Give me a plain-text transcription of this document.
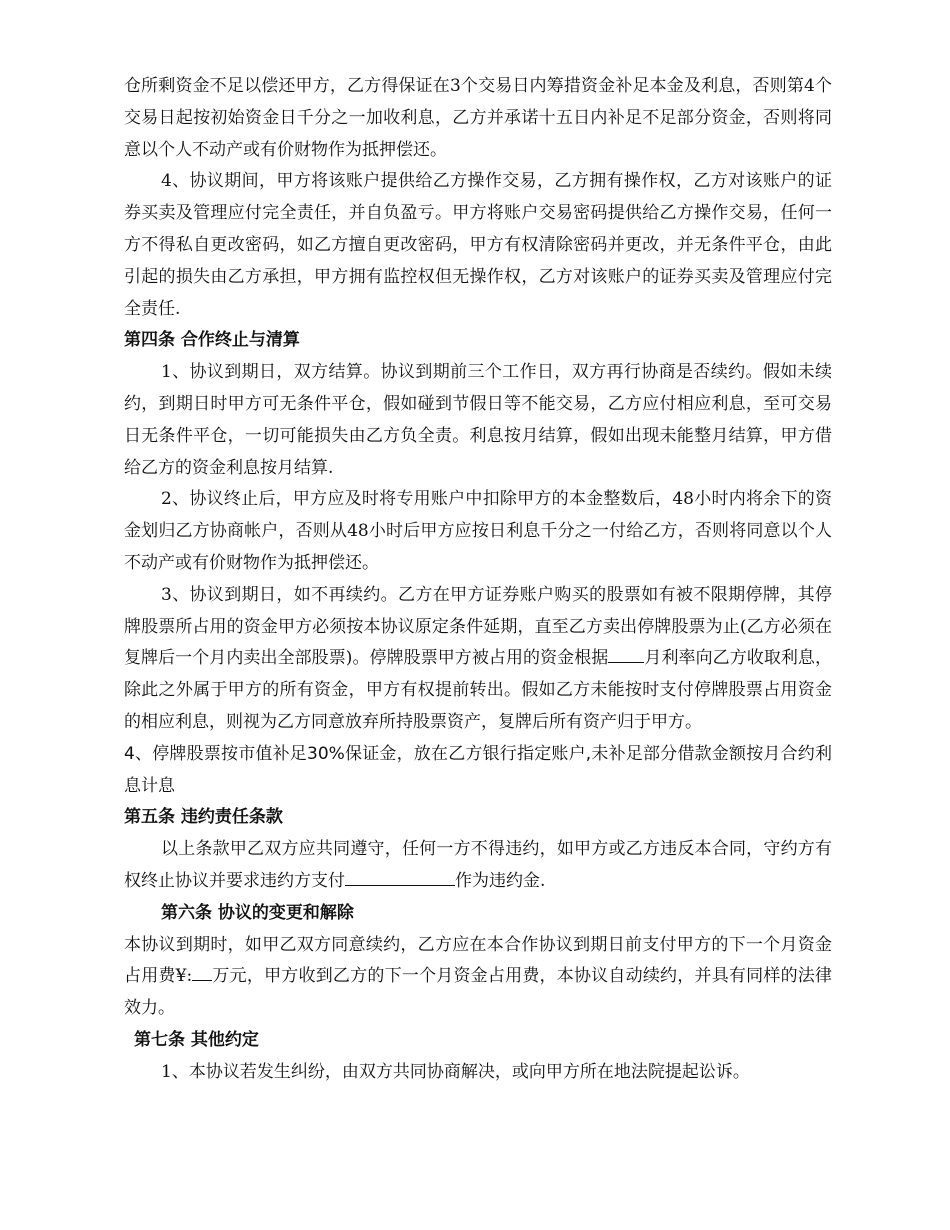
仓所剩资金不足以偿还甲方，乙方得保证在3个交易日内筹措资金补足本金及利息，否则第4个交易日起按初始资金日千分之一加收利息，乙方并承诺十五日内补足不足部分资金，否则将同意以个人不动产或有价财物作为抵押偿还。

4、协议期间，甲方将该账户提供给乙方操作交易，乙方拥有操作权，乙方对该账户的证券买卖及管理应付完全责任，并自负盈亏。甲方将账户交易密码提供给乙方操作交易，任何一方不得私自更改密码，如乙方擅自更改密码，甲方有权清除密码并更改，并无条件平仓，由此引起的损失由乙方承担，甲方拥有监控权但无操作权，乙方对该账户的证券买卖及管理应付完全责任.

第四条 合作终止与清算

1、协议到期日，双方结算。协议到期前三个工作日，双方再行协商是否续约。假如未续约，到期日时甲方可无条件平仓，假如碰到节假日等不能交易，乙方应付相应利息，至可交易日无条件平仓，一切可能损失由乙方负全责。利息按月结算，假如出现未能整月结算，甲方借给乙方的资金利息按月结算.

2、协议终止后，甲方应及时将专用账户中扣除甲方的本金整数后，48小时内将余下的资金划归乙方协商帐户，否则从48小时后甲方应按日利息千分之一付给乙方，否则将同意以个人不动产或有价财物作为抵押偿还。

3、协议到期日，如不再续约。乙方在甲方证券账户购买的股票如有被不限期停牌，其停牌股票所占用的资金甲方必须按本协议原定条件延期，直至乙方卖出停牌股票为止(乙方必须在复牌后一个月内卖出全部股票)。停牌股票甲方被占用的资金根据 月利率向乙方收取利息，除此之外属于甲方的所有资金，甲方有权提前转出。假如乙方未能按时支付停牌股票占用资金的相应利息，则视为乙方同意放弃所持股票资产，复牌后所有资产归于甲方。

4、停牌股票按市值补足30%保证金，放在乙方银行指定账户,未补足部分借款金额按月合约利息计息

第五条 违约责任条款

以上条款甲乙双方应共同遵守，任何一方不得违约，如甲方或乙方违反本合同，守约方有权终止协议并要求违约方支付	作为违约金.

第六条 协议的变更和解除

本协议到期时，如甲乙双方同意续约，乙方应在本合作协议到期日前支付甲方的下一个月资金占用费¥: 万元，甲方收到乙方的下一个月资金占用费，本协议自动续约，并具有同样的法律效力。

第七条 其他约定

1、本协议若发生纠纷，由双方共同协商解决，或向甲方所在地法院提起讼诉。
